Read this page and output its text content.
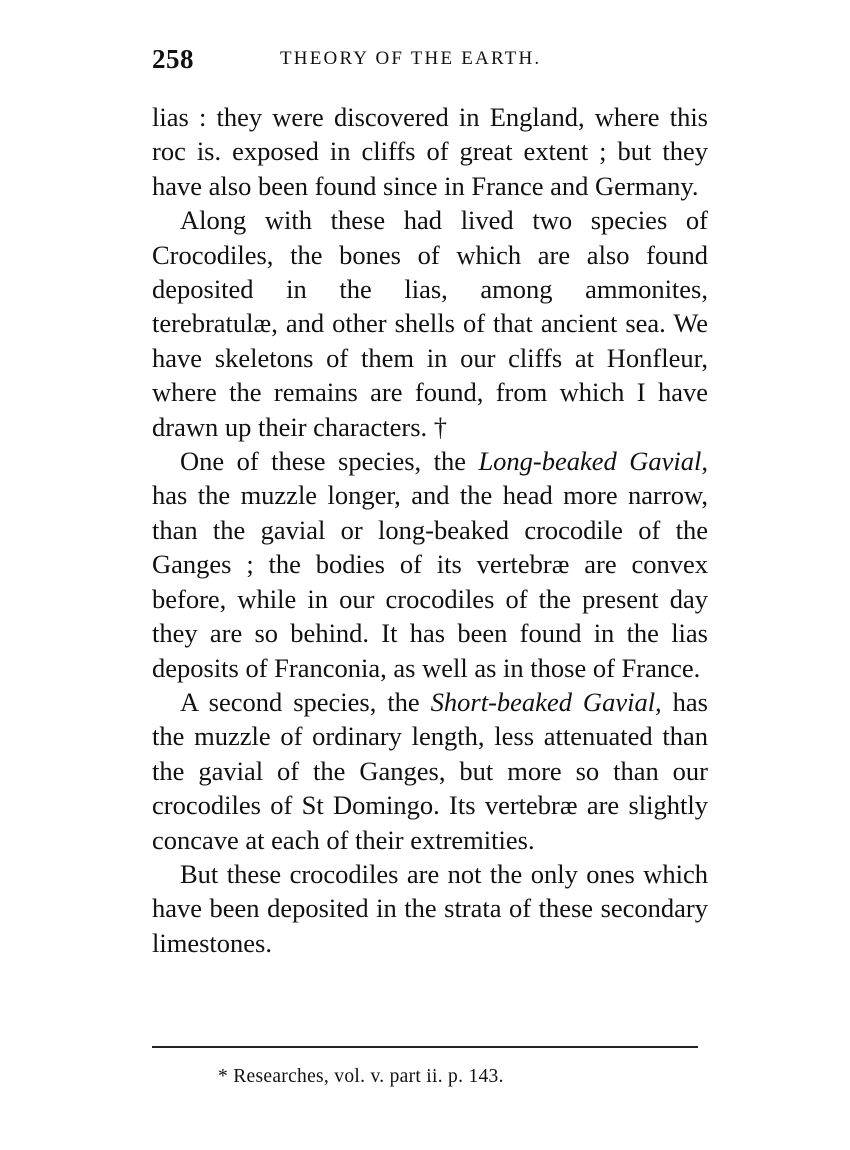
258	THEORY OF THE EARTH.

lias : they were discovered in England, where this roc is. exposed in cliffs of great extent ; but they have also been found since in France and Germany.

Along with these had lived two species of Crocodiles, the bones of which are also found deposited in the lias, among ammonites, terebratulæ, and other shells of that ancient sea. We have skeletons of them in our cliffs at Honfleur, where the remains are found, from which I have drawn up their characters. †

One of these species, the Long-beaked Gavial, has the muzzle longer, and the head more narrow, than the gavial or long-beaked crocodile of the Ganges ; the bodies of its vertebræ are convex before, while in our crocodiles of the present day they are so behind. It has been found in the lias deposits of Franconia, as well as in those of France.

A second species, the Short-beaked Gavial, has the muzzle of ordinary length, less attenuated than the gavial of the Ganges, but more so than our crocodiles of St Domingo. Its vertebræ are slightly concave at each of their extremities.

But these crocodiles are not the only ones which have been deposited in the strata of these secondary limestones.

* Researches, vol. v. part ii. p. 143.
